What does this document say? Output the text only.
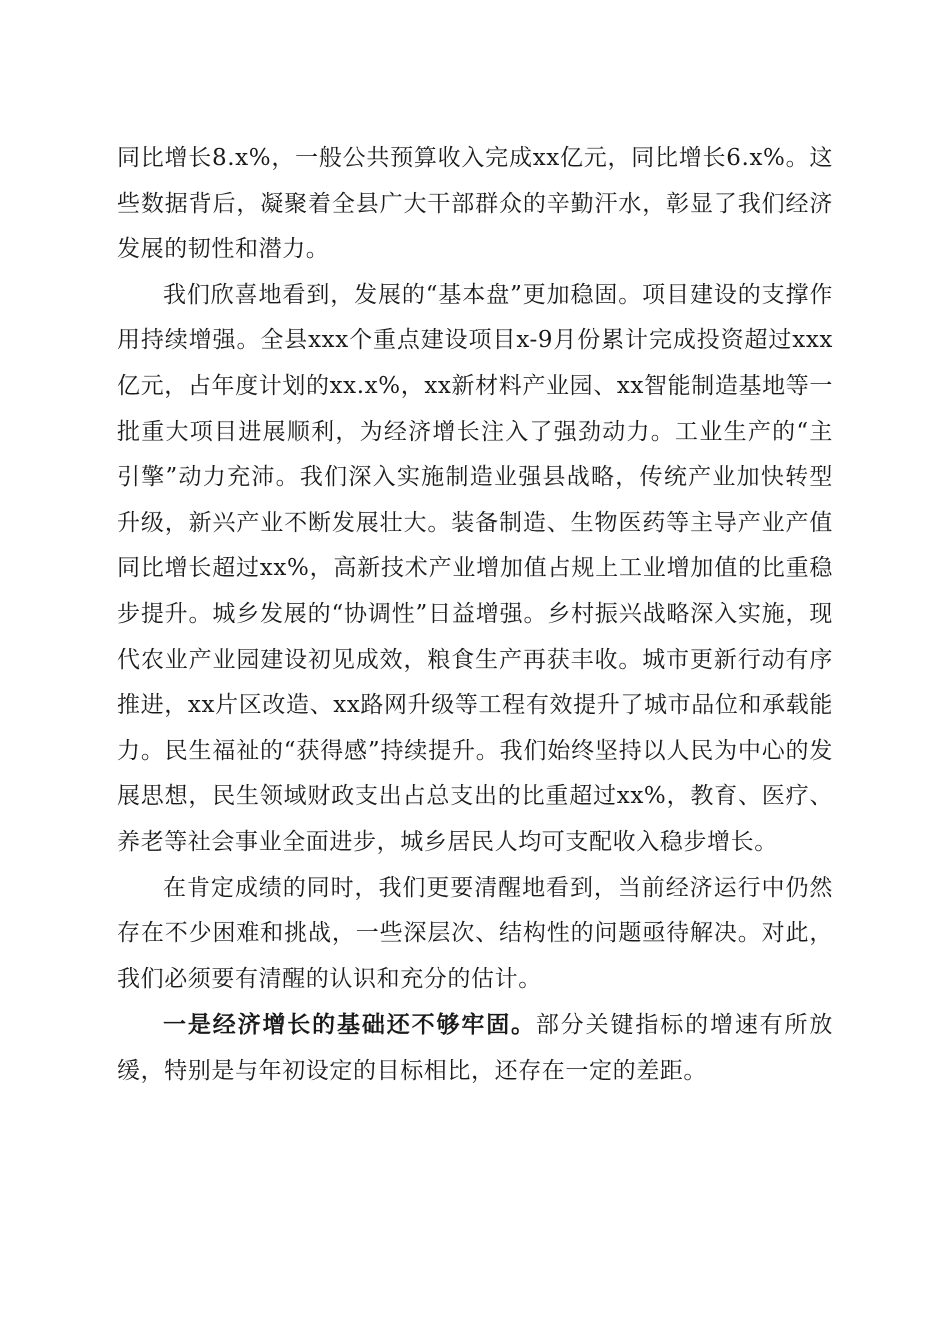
同比增长8.x%，一般公共预算收入完成xx亿元，同比增长6.x%。这些数据背后，凝聚着全县广大干部群众的辛勤汗水，彰显了我们经济发展的韧性和潜力。

我们欣喜地看到，发展的“基本盘”更加稳固。项目建设的支撑作用持续增强。全县xxx个重点建设项目x-9月份累计完成投资超过xxx亿元，占年度计划的xx.x%，xx新材料产业园、xx智能制造基地等一批重大项目进展顺利，为经济增长注入了强劲动力。工业生产的“主引擎”动力充沛。我们深入实施制造业强县战略，传统产业加快转型升级，新兴产业不断发展壮大。装备制造、生物医药等主导产业产值同比增长超过xx%，高新技术产业增加值占规上工业增加值的比重稳步提升。城乡发展的“协调性”日益增强。乡村振兴战略深入实施，现代农业产业园建设初见成效，粮食生产再获丰收。城市更新行动有序推进，xx片区改造、xx路网升级等工程有效提升了城市品位和承载能力。民生福祉的“获得感”持续提升。我们始终坚持以人民为中心的发展思想，民生领域财政支出占总支出的比重超过xx%，教育、医疗、养老等社会事业全面进步，城乡居民人均可支配收入稳步增长。

在肯定成绩的同时，我们更要清醒地看到，当前经济运行中仍然存在不少困难和挑战，一些深层次、结构性的问题亟待解决。对此，我们必须要有清醒的认识和充分的估计。

一是经济增长的基础还不够牢固。部分关键指标的增速有所放缓，特别是与年初设定的目标相比，还存在一定的差距。
